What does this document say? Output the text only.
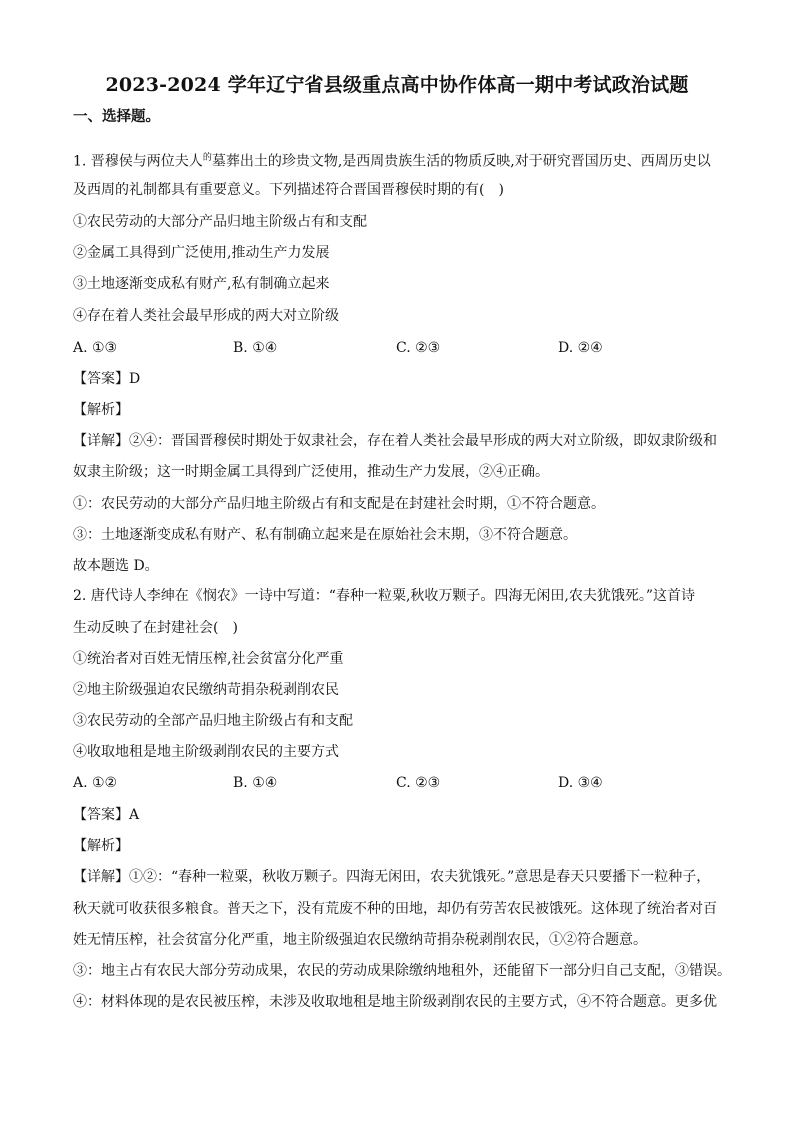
2023-2024 学年辽宁省县级重点高中协作体高一期中考试政治试题
一、选择题。
1. 晋穆侯与两位夫人$^的$墓葬出土的珍贵文物,是西周贵族生活的物质反映,对于研究晋国历史、西周历史以
及西周的礼制都具有重要意义。下列描述符合晋国晋穆侯时期的有(　)
①农民劳动的大部分产品归地主阶级占有和支配
②金属工具得到广泛使用,推动生产力发展
③土地逐渐变成私有财产,私有制确立起来
④存在着人类社会最早形成的两大对立阶级
A. ①③	B. ①④	C. ②③	D. ②④
【答案】D
【解析】
【详解】②④：晋国晋穆侯时期处于奴隶社会，存在着人类社会最早形成的两大对立阶级，即奴隶阶级和
奴隶主阶级；这一时期金属工具得到广泛使用，推动生产力发展，②④正确。
①：农民劳动的大部分产品归地主阶级占有和支配是在封建社会时期，①不符合题意。
③：土地逐渐变成私有财产、私有制确立起来是在原始社会末期，③不符合题意。
故本题选 D。
2. 唐代诗人李绅在《悯农》一诗中写道：“春种一粒粟,秋收万颗子。四海无闲田,农夫犹饿死。”这首诗
生动反映了在封建社会(　)
①统治者对百姓无情压榨,社会贫富分化严重
②地主阶级强迫农民缴纳苛捐杂税剥削农民
③农民劳动的全部产品归地主阶级占有和支配
④收取地租是地主阶级剥削农民的主要方式
A. ①②	B. ①④	C. ②③	D. ③④
【答案】A
【解析】
【详解】①②：“春种一粒粟，秋收万颗子。四海无闲田，农夫犹饿死。”意思是春天只要播下一粒种子，
秋天就可收获很多粮食。普天之下，没有荒废不种的田地，却仍有劳苦农民被饿死。这体现了统治者对百
姓无情压榨，社会贫富分化严重，地主阶级强迫农民缴纳苛捐杂税剥削农民，①②符合题意。
③：地主占有农民大部分劳动成果，农民的劳动成果除缴纳地租外，还能留下一部分归自己支配，③错误。
④：材料体现的是农民被压榨，未涉及收取地租是地主阶级剥削农民的主要方式，④不符合题意。更多优
